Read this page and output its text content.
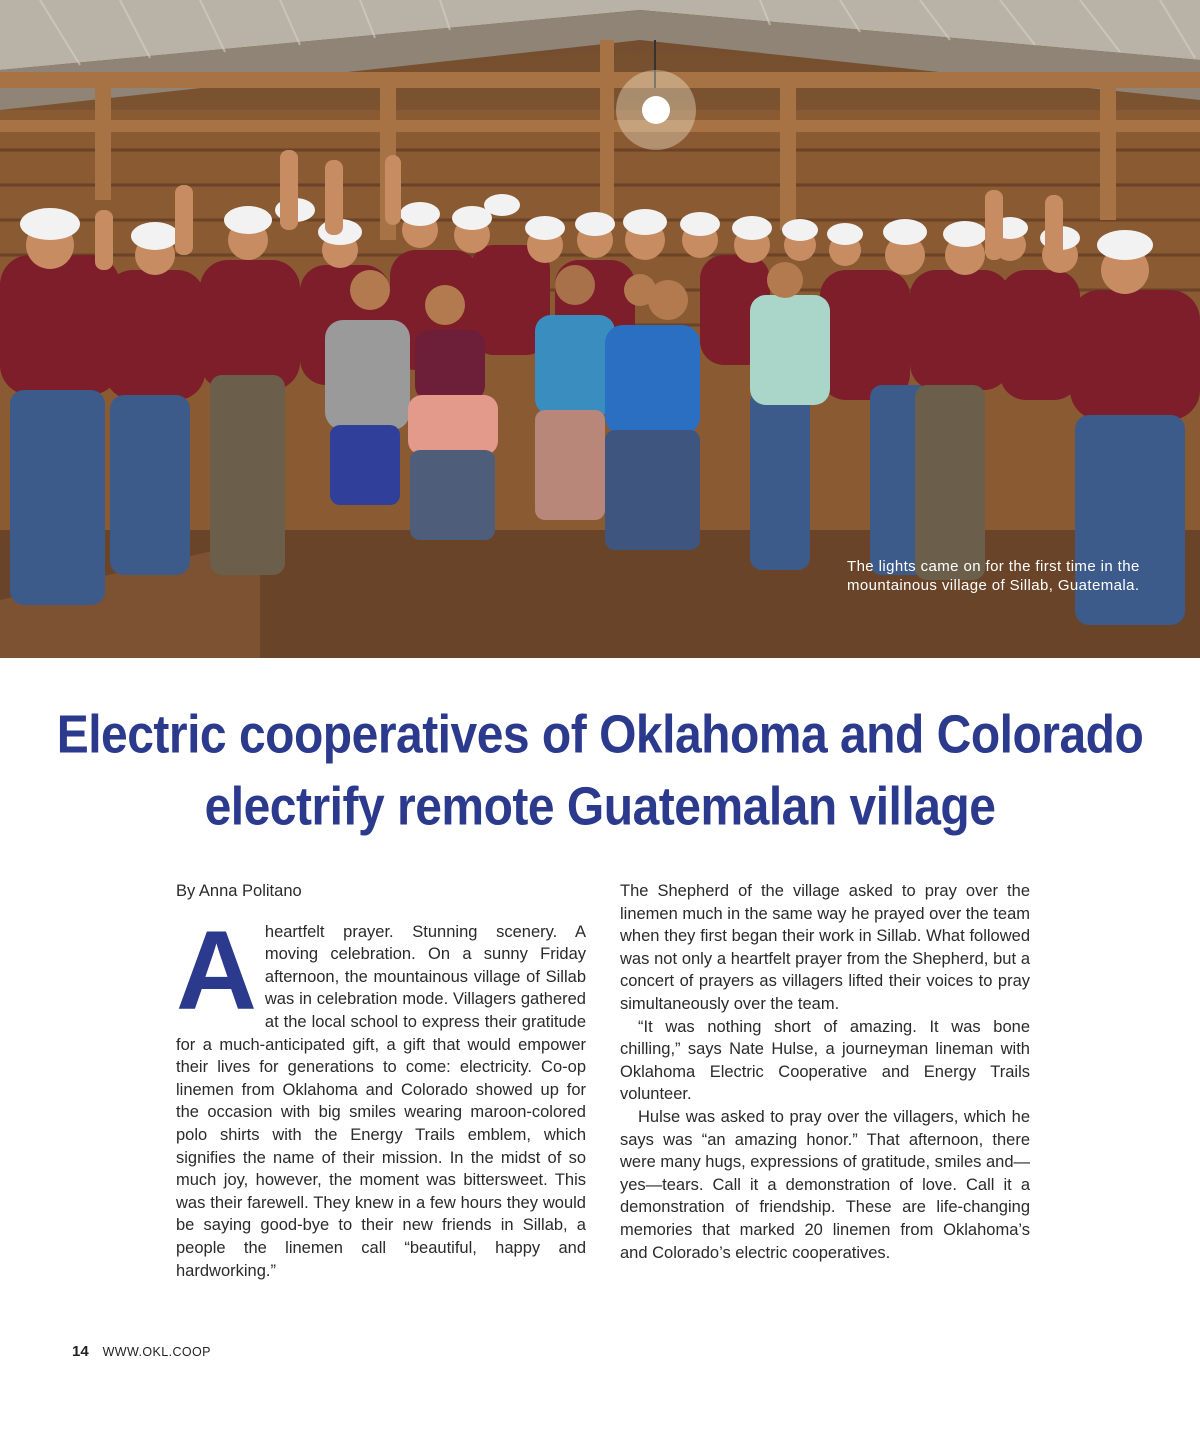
The lights came on for the first time in the mountainous village of Sillab, Guatemala.
Electric cooperatives of Oklahoma and Colorado
electrify remote Guatemalan village
By Anna Politano

Aheartfelt prayer. Stunning scenery. A moving celebration. On a sunny Friday afternoon, the mountainous village of Sillab was in celebration mode. Villagers gathered at the local school to express their gratitude for a much-anticipated gift, a gift that would empower their lives for generations to come: electricity. Co-op linemen from Oklahoma and Colorado showed up for the occasion with big smiles wearing maroon-colored polo shirts with the Energy Trails emblem, which signifies the name of their mission. In the midst of so much joy, however, the moment was bittersweet. This was their farewell. They knew in a few hours they would be saying good-bye to their new friends in Sillab, a people the linemen call “beautiful, happy and hardworking.”

The Shepherd of the village asked to pray over the linemen much in the same way he prayed over the team when they first began their work in Sillab. What followed was not only a heartfelt prayer from the Shepherd, but a concert of prayers as villagers lifted their voices to pray simultaneously over the team.

“It was nothing short of amazing. It was bone chilling,” says Nate Hulse, a journeyman lineman with Oklahoma Electric Cooperative and Energy Trails volunteer.

Hulse was asked to pray over the villagers, which he says was “an amazing honor.” That afternoon, there were many hugs, expressions of gratitude, smiles and—yes—tears. Call it a demonstration of love. Call it a demonstration of friendship. These are life-changing memories that marked 20 linemen from Oklahoma’s and Colorado’s electric cooperatives.

14 WWW.OKL.COOP
